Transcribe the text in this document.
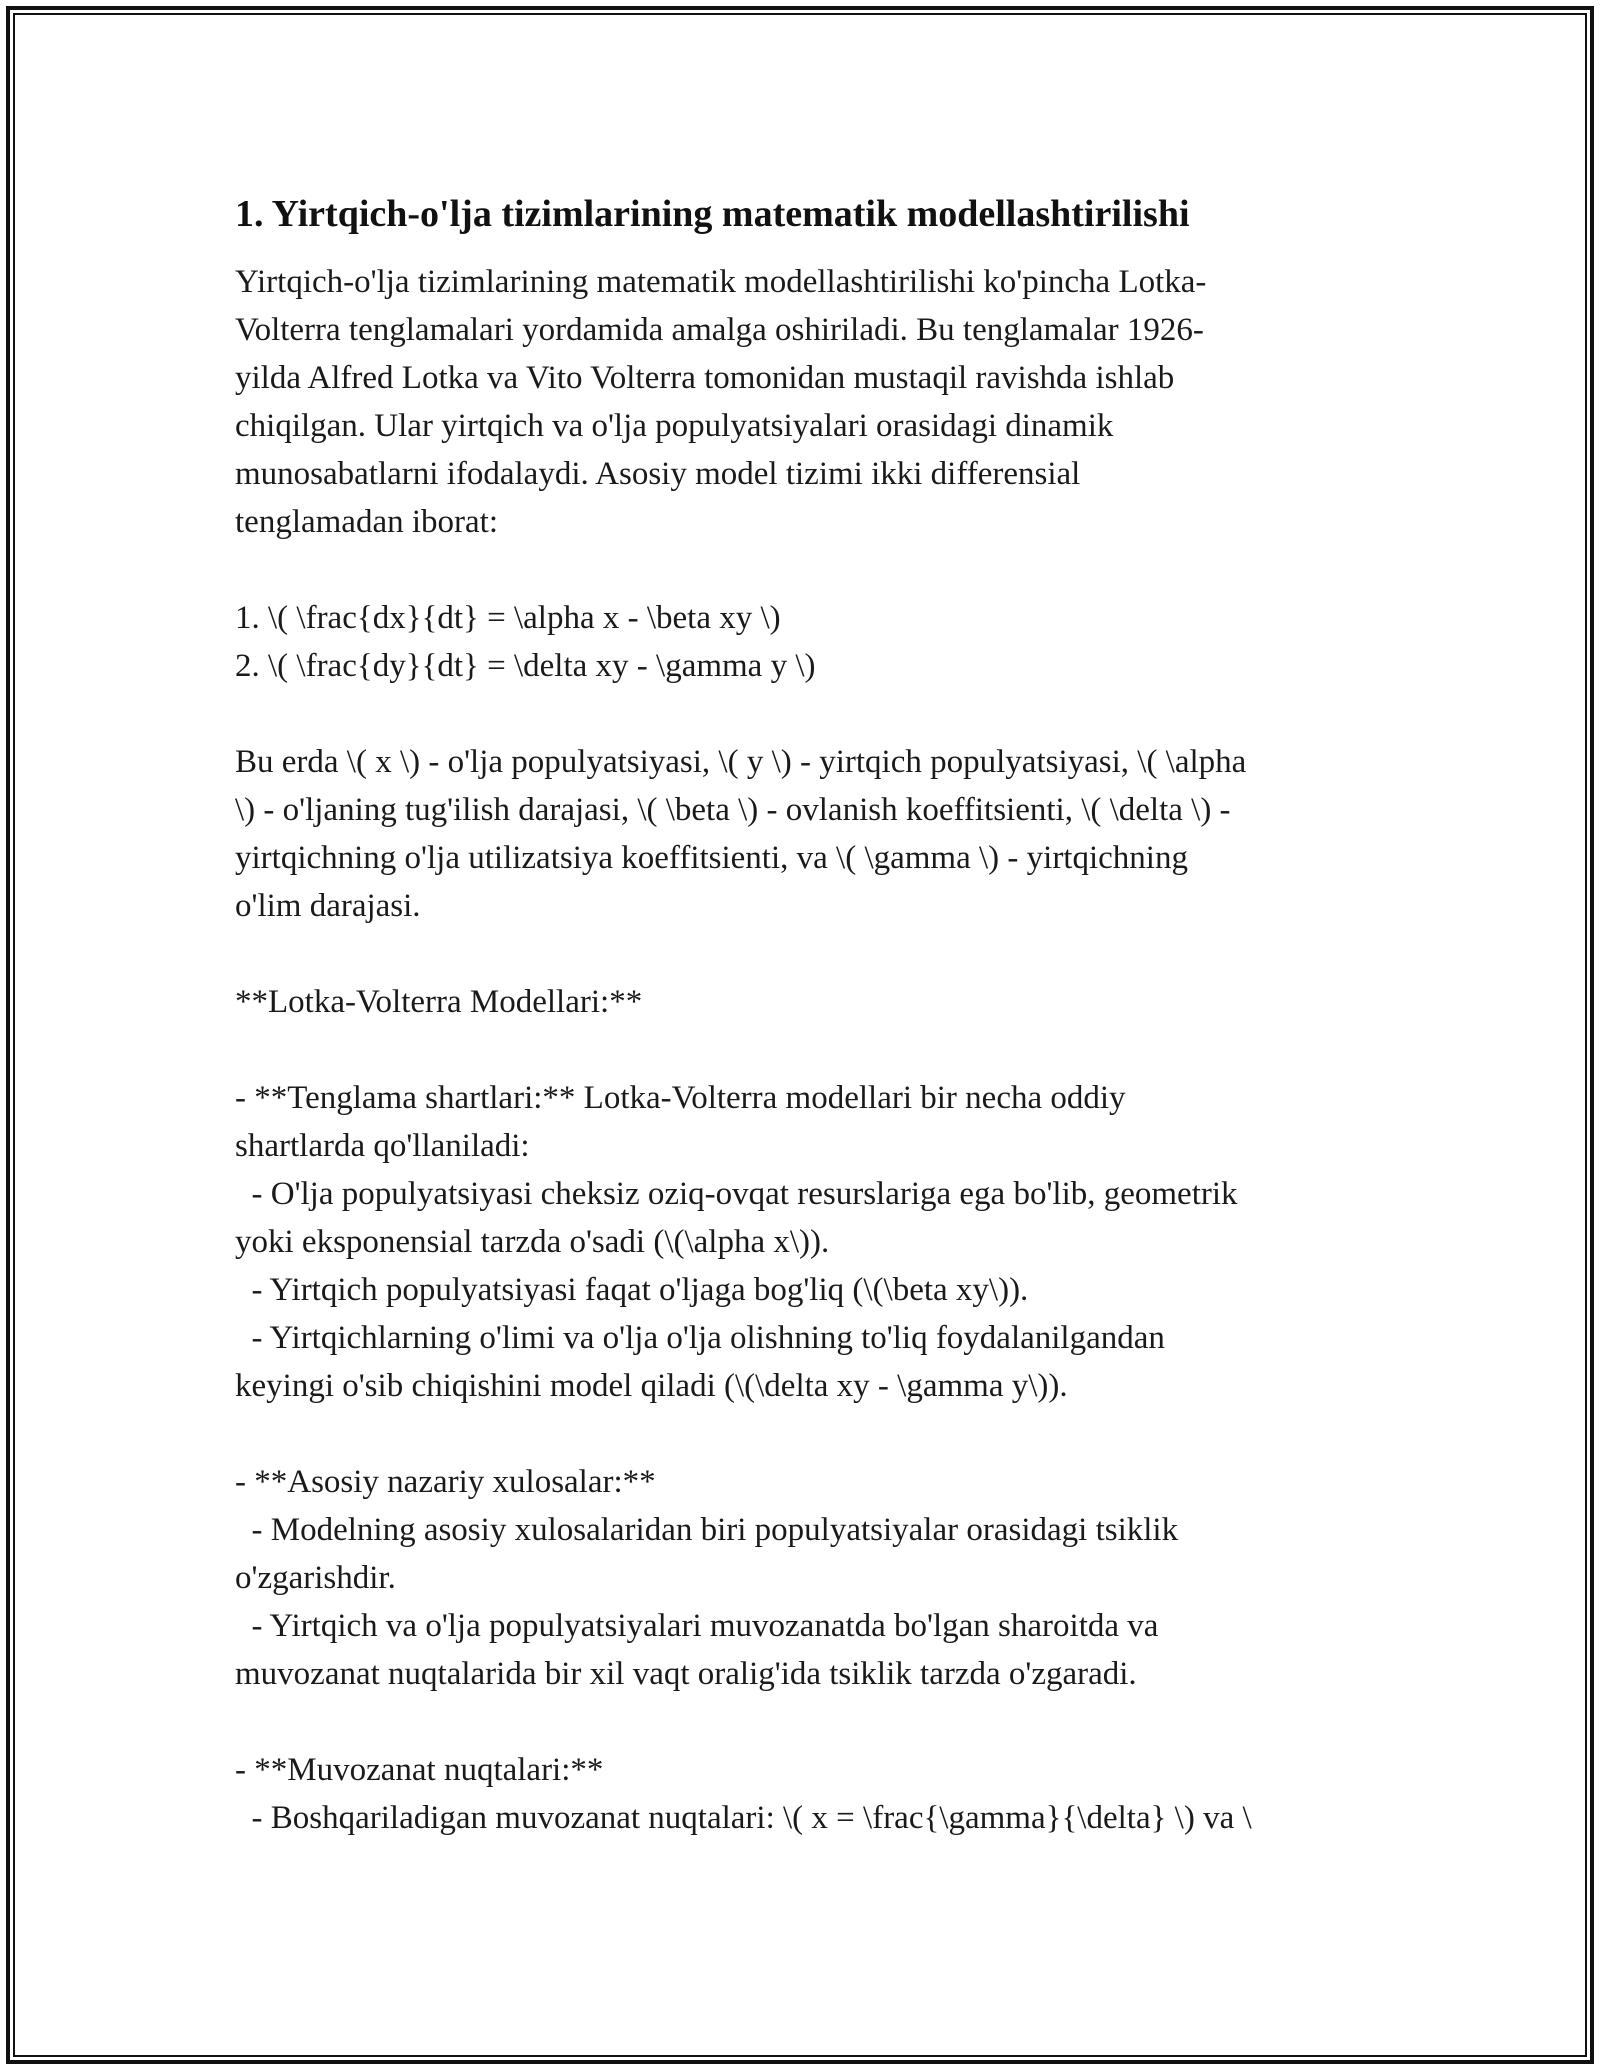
1. Yirtqich-o'lja tizimlarining matematik modellashtirilishi
Yirtqich-o'lja tizimlarining matematik modellashtirilishi ko'pincha Lotka-
Volterra tenglamalari yordamida amalga oshiriladi. Bu tenglamalar 1926-
yilda Alfred Lotka va Vito Volterra tomonidan mustaqil ravishda ishlab
chiqilgan. Ular yirtqich va o'lja populyatsiyalari orasidagi dinamik
munosabatlarni ifodalaydi. Asosiy model tizimi ikki differensial
tenglamadan iborat:
1. \( \frac{dx}{dt} = \alpha x - \beta xy \)
2. \( \frac{dy}{dt} = \delta xy - \gamma y \)
Bu erda \( x \) - o'lja populyatsiyasi, \( y \) - yirtqich populyatsiyasi, \( \alpha
\) - o'ljaning tug'ilish darajasi, \( \beta \) - ovlanish koeffitsienti, \( \delta \) -
yirtqichning o'lja utilizatsiya koeffitsienti, va \( \gamma \) - yirtqichning
o'lim darajasi.
**Lotka-Volterra Modellari:**
- **Tenglama shartlari:** Lotka-Volterra modellari bir necha oddiy
shartlarda qo'llaniladi:
- O'lja populyatsiyasi cheksiz oziq-ovqat resurslariga ega bo'lib, geometrik
yoki eksponensial tarzda o'sadi (\(\alpha x\)).
- Yirtqich populyatsiyasi faqat o'ljaga bog'liq (\(\beta xy\)).
- Yirtqichlarning o'limi va o'lja o'lja olishning to'liq foydalanilgandan
keyingi o'sib chiqishini model qiladi (\(\delta xy - \gamma y\)).
- **Asosiy nazariy xulosalar:**
- Modelning asosiy xulosalaridan biri populyatsiyalar orasidagi tsiklik
o'zgarishdir.
- Yirtqich va o'lja populyatsiyalari muvozanatda bo'lgan sharoitda va
muvozanat nuqtalarida bir xil vaqt oralig'ida tsiklik tarzda o'zgaradi.
- **Muvozanat nuqtalari:**
- Boshqariladigan muvozanat nuqtalari: \( x = \frac{\gamma}{\delta} \) va \
